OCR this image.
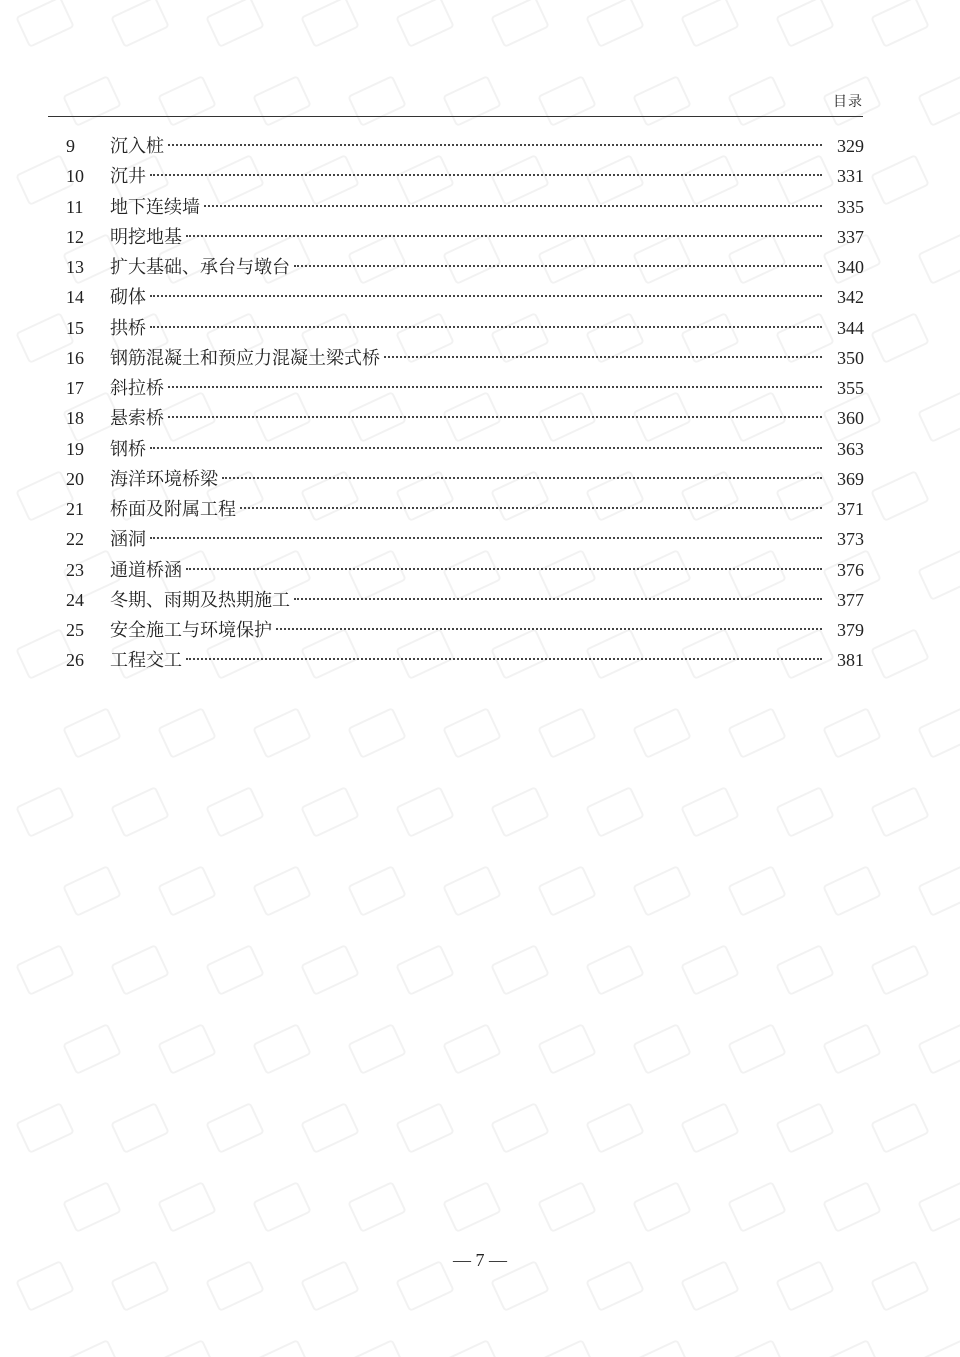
目录
9	沉入桩	329
10	沉井	331
11	地下连续墙	335
12	明挖地基	337
13	扩大基础、承台与墩台	340
14	砌体	342
15	拱桥	344
16	钢筋混凝土和预应力混凝土梁式桥	350
17	斜拉桥	355
18	悬索桥	360
19	钢桥	363
20	海洋环境桥梁	369
21	桥面及附属工程	371
22	涵洞	373
23	通道桥涵	376
24	冬期、雨期及热期施工	377
25	安全施工与环境保护	379
26	工程交工	381
— 7 —
